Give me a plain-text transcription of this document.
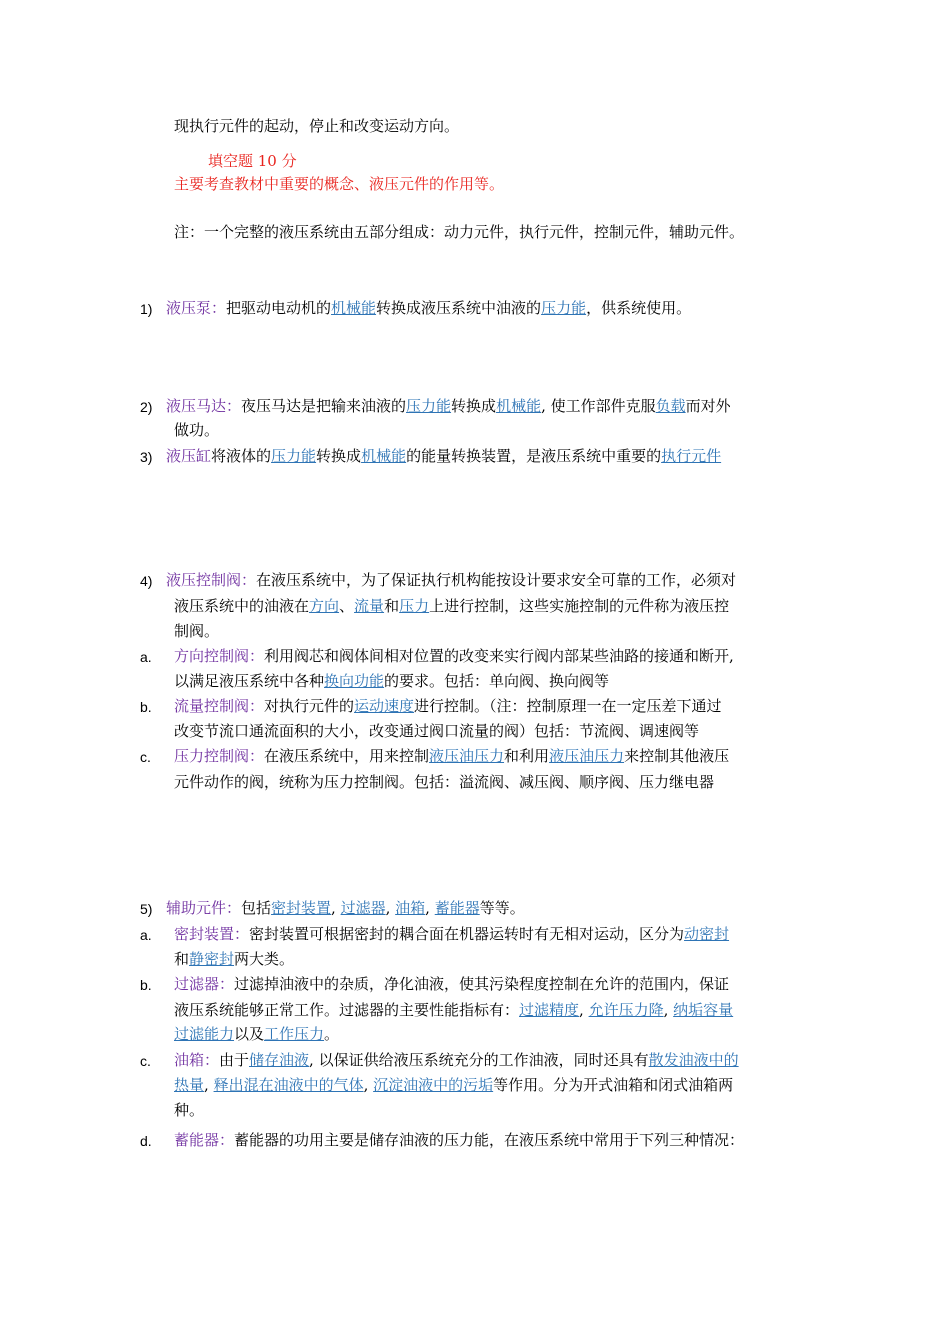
现执行元件的起动，停止和改变运动方向。
填空题 10 分
主要考查教材中重要的概念、液压元件的作用等。
注：一个完整的液压系统由五部分组成：动力元件，执行元件，控制元件，辅助元件。
1) 液压泵：把驱动电动机的机械能转换成液压系统中油液的压力能，供系统使用。
2) 液压马达：夜压马达是把输来油液的压力能转换成机械能, 使工作部件克服负载而对外
做功。
3) 液压缸将液体的压力能转换成机械能的能量转换装置，是液压系统中重要的执行元件
4) 液压控制阀：在液压系统中，为了保证执行机构能按设计要求安全可靠的工作，必须对
液压系统中的油液在方向、流量和压力上进行控制，这些实施控制的元件称为液压控
制阀。
a. 方向控制阀：利用阀芯和阀体间相对位置的改变来实行阀内部某些油路的接通和断开,
以满足液压系统中各种换向功能的要求。包括：单向阀、换向阀等
b. 流量控制阀：对执行元件的运动速度进行控制。（注：控制原理一在一定压差下通过
改变节流口通流面积的大小，改变通过阀口流量的阀）包括：节流阀、调速阀等
c. 压力控制阀：在液压系统中，用来控制液压油压力和利用液压油压力来控制其他液压
元件动作的阀，统称为压力控制阀。包括：溢流阀、减压阀、顺序阀、压力继电器
5) 辅助元件：包括密封装置, 过滤器, 油箱, 蓄能器等等。
a. 密封装置：密封装置可根据密封的耦合面在机器运转时有无相对运动，区分为动密封
和静密封两大类。
b. 过滤器：过滤掉油液中的杂质，净化油液，使其污染程度控制在允许的范围内，保证
液压系统能够正常工作。过滤器的主要性能指标有：过滤精度, 允许压力降, 纳垢容量
过滤能力以及工作压力。
c. 油箱：由于储存油液, 以保证供给液压系统充分的工作油液，同时还具有散发油液中的
热量, 释出混在油液中的气体, 沉淀油液中的污垢等作用。分为开式油箱和闭式油箱两
种。
d. 蓄能器：蓄能器的功用主要是储存油液的压力能，在液压系统中常用于下列三种情况：
